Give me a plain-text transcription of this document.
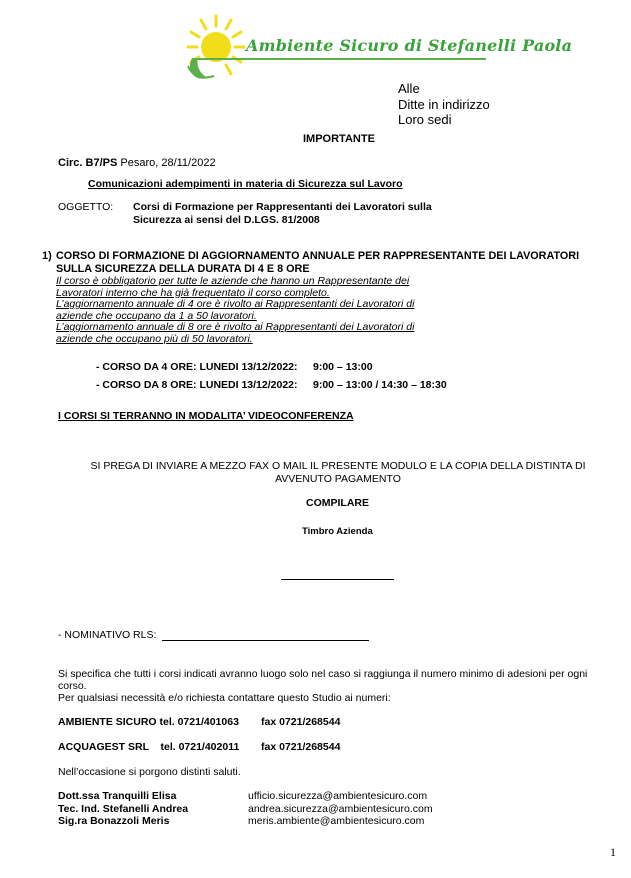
Ambiente Sicuro di Stefanelli Paola
Alle
Ditte in indirizzo
Loro sedi
IMPORTANTE
Circ. B7/PS Pesaro, 28/11/2022
Comunicazioni adempimenti in materia di Sicurezza sul Lavoro
OGGETTO: Corsi di Formazione per Rappresentanti dei Lavoratori sulla
Sicurezza ai sensi del D.LGS. 81/2008
1) CORSO DI FORMAZIONE DI AGGIORNAMENTO ANNUALE PER RAPPRESENTANTE DEI LAVORATORI
SULLA SICUREZZA DELLA DURATA DI 4 E 8 ORE
Il corso è obbligatorio per tutte le aziende che hanno un Rappresentante dei
Lavoratori interno che ha già frequentato il corso completo.
L’aggiornamento annuale di 4 ore è rivolto ai Rappresentanti dei Lavoratori di
aziende che occupano da 1 a 50 lavoratori.
L’aggiornamento annuale di 8 ore è rivolto ai Rappresentanti dei Lavoratori di
aziende che occupano più di 50 lavoratori.
- CORSO DA 4 ORE: LUNEDI 13/12/2022: 9:00 – 13:00
- CORSO DA 8 ORE: LUNEDI 13/12/2022: 9:00 – 13:00 / 14:30 – 18:30
I CORSI SI TERRANNO IN MODALITA’ VIDEOCONFERENZA
SI PREGA DI INVIARE A MEZZO FAX O MAIL IL PRESENTE MODULO E LA COPIA DELLA DISTINTA DI
AVVENUTO PAGAMENTO
COMPILARE
Timbro Azienda
- NOMINATIVO RLS:
Si specifica che tutti i corsi indicati avranno luogo solo nel caso si raggiunga il numero minimo di adesioni per ogni
corso.
Per qualsiasi necessità e/o richiesta contattare questo Studio ai numeri:
AMBIENTE SICURO tel. 0721/401063 fax 0721/268544
ACQUAGEST SRL    tel. 0721/402011 fax 0721/268544
Nell’occasione si porgono distinti saluti.
Dott.ssa Tranquilli Elisa
Tec. Ind. Stefanelli Andrea
Sig.ra Bonazzoli Meris
ufficio.sicurezza@ambientesicuro.com
andrea.sicurezza@ambientesicuro.com
meris.ambiente@ambientesicuro.com
1
